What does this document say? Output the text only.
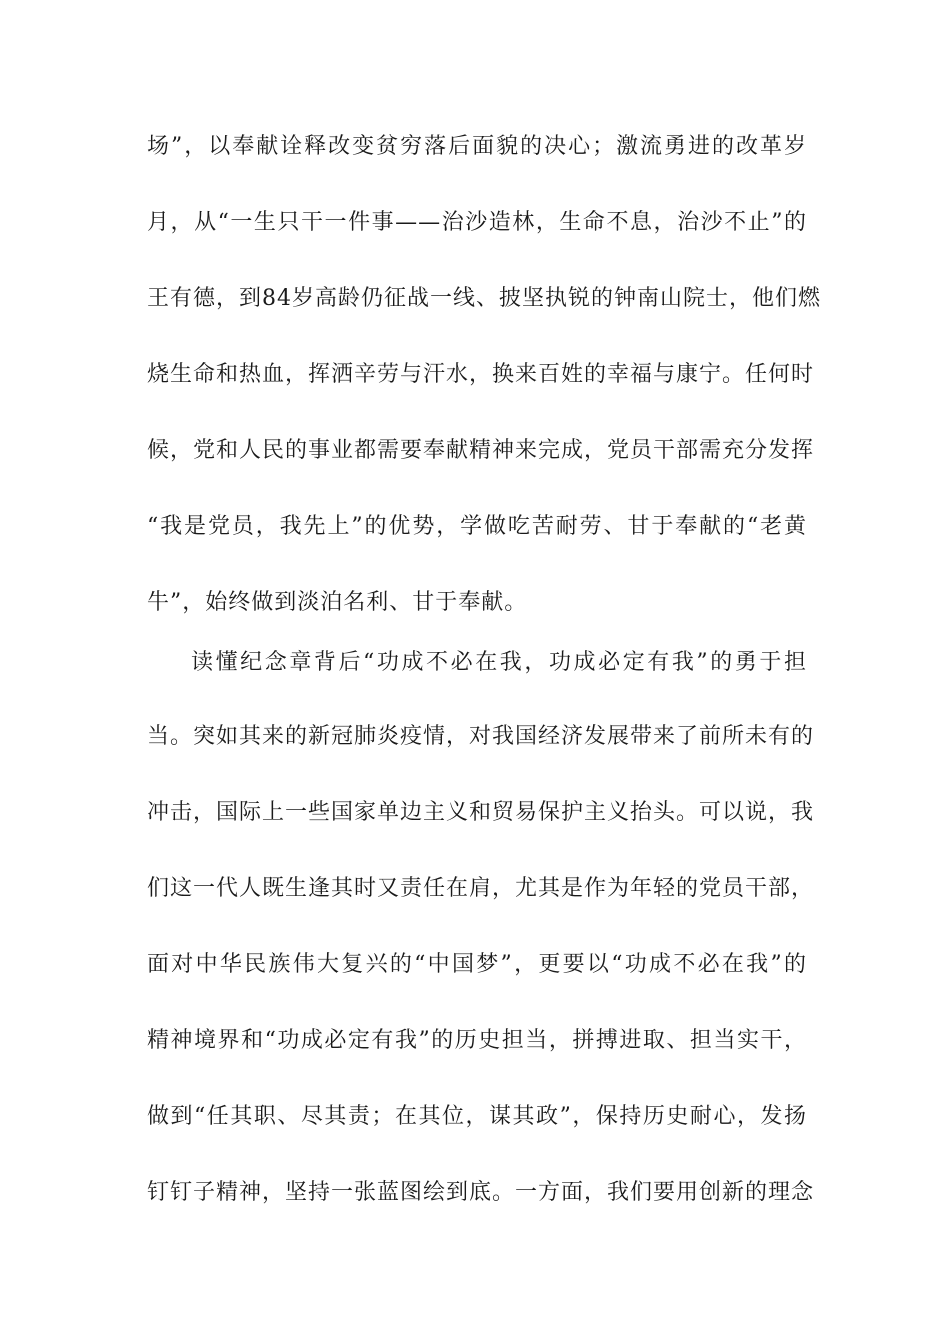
场”，以奉献诠释改变贫穷落后面貌的决心；激流勇进的改革岁
月，从“一生只干一件事——治沙造林，生命不息，治沙不止”的
王有德，到84岁高龄仍征战一线、披坚执锐的钟南山院士，他们燃
烧生命和热血，挥洒辛劳与汗水，换来百姓的幸福与康宁。任何时
候，党和人民的事业都需要奉献精神来完成，党员干部需充分发挥
“我是党员，我先上”的优势，学做吃苦耐劳、甘于奉献的“老黄
牛”，始终做到淡泊名利、甘于奉献。
读懂纪念章背后“功成不必在我，功成必定有我”的勇于担
当。突如其来的新冠肺炎疫情，对我国经济发展带来了前所未有的
冲击，国际上一些国家单边主义和贸易保护主义抬头。可以说，我
们这一代人既生逢其时又责任在肩，尤其是作为年轻的党员干部，
面对中华民族伟大复兴的“中国梦”，更要以“功成不必在我”的
精神境界和“功成必定有我”的历史担当，拼搏进取、担当实干，
做到“任其职、尽其责；在其位，谋其政”，保持历史耐心，发扬
钉钉子精神，坚持一张蓝图绘到底。一方面，我们要用创新的理念
